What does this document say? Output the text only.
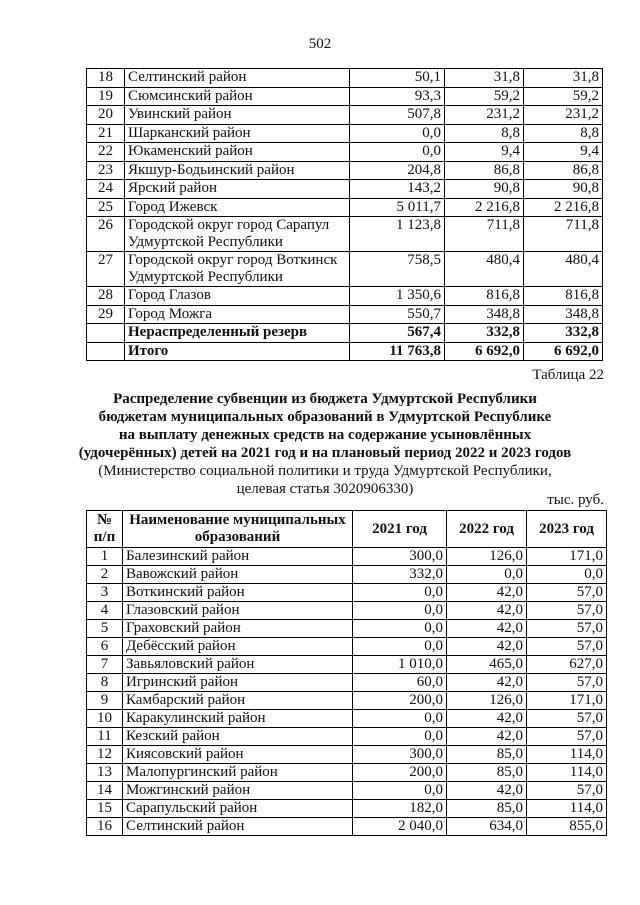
502
18	Селтинский район	50,1	31,8	31,8
19	Сюмсинский район	93,3	59,2	59,2
20	Увинский район	507,8	231,2	231,2
21	Шарканский район	0,0	8,8	8,8
22	Юкаменский район	0,0	9,4	9,4
23	Якшур-Бодьинский район	204,8	86,8	86,8
24	Ярский район	143,2	90,8	90,8
25	Город Ижевск	5 011,7	2 216,8	2 216,8
26	Городской округ город Сарапул Удмуртской Республики	1 123,8	711,8	711,8
27	Городской округ город Воткинск Удмуртской Республики	758,5	480,4	480,4
28	Город Глазов	1 350,6	816,8	816,8
29	Город Можга	550,7	348,8	348,8
	Нераспределенный резерв	567,4	332,8	332,8
	Итого	11 763,8	6 692,0	6 692,0
Таблица 22
Распределение субвенции из бюджета Удмуртской Республики
бюджетам муниципальных образований в Удмуртской Республике
на выплату денежных средств на содержание усыновлённых
(удочерённых) детей на 2021 год и на плановый период 2022 и 2023 годов
(Министерство социальной политики и труда Удмуртской Республики,
целевая статья 3020906330)
тыс. руб.
№ п/п	Наименование муниципальных образований	2021 год	2022 год	2023 год
1	Балезинский район	300,0	126,0	171,0
2	Вавожский район	332,0	0,0	0,0
3	Воткинский район	0,0	42,0	57,0
4	Глазовский район	0,0	42,0	57,0
5	Граховский район	0,0	42,0	57,0
6	Дебёсский район	0,0	42,0	57,0
7	Завьяловский район	1 010,0	465,0	627,0
8	Игринский район	60,0	42,0	57,0
9	Камбарский район	200,0	126,0	171,0
10	Каракулинский район	0,0	42,0	57,0
11	Кезский район	0,0	42,0	57,0
12	Киясовский район	300,0	85,0	114,0
13	Малопургинский район	200,0	85,0	114,0
14	Можгинский район	0,0	42,0	57,0
15	Сарапульский район	182,0	85,0	114,0
16	Селтинский район	2 040,0	634,0	855,0
